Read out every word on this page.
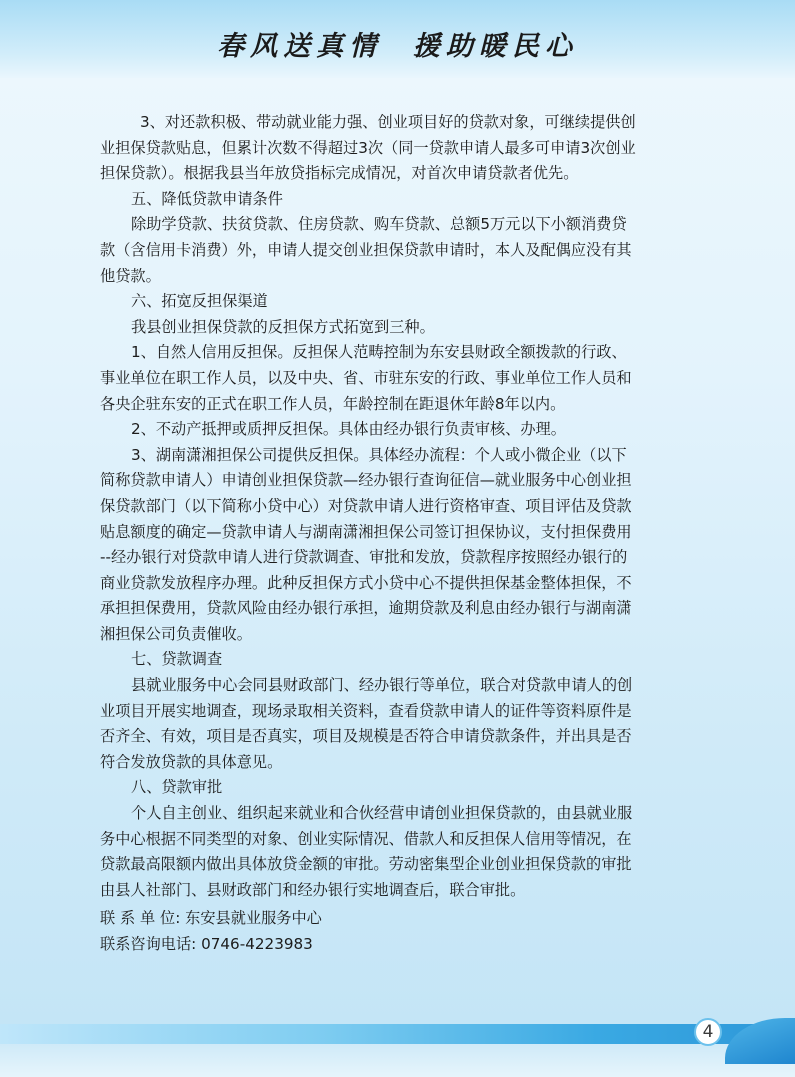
春风送真情  援助暖民心

3、对还款积极、带动就业能力强、创业项目好的贷款对象，可继续提供创
业担保贷款贴息，但累计次数不得超过3次（同一贷款申请人最多可申请3次创业
担保贷款）。根据我县当年放贷指标完成情况，对首次申请贷款者优先。

五、降低贷款申请条件

除助学贷款、扶贫贷款、住房贷款、购车贷款、总额5万元以下小额消费贷
款（含信用卡消费）外，申请人提交创业担保贷款申请时，本人及配偶应没有其
他贷款。

六、拓宽反担保渠道

我县创业担保贷款的反担保方式拓宽到三种。

1、自然人信用反担保。反担保人范畴控制为东安县财政全额拨款的行政、
事业单位在职工作人员，以及中央、省、市驻东安的行政、事业单位工作人员和
各央企驻东安的正式在职工作人员，年龄控制在距退休年龄8年以内。

2、不动产抵押或质押反担保。具体由经办银行负责审核、办理。

3、湖南潇湘担保公司提供反担保。具体经办流程：个人或小微企业（以下
简称贷款申请人）申请创业担保贷款—经办银行查询征信—就业服务中心创业担
保贷款部门（以下简称小贷中心）对贷款申请人进行资格审查、项目评估及贷款
贴息额度的确定—贷款申请人与湖南潇湘担保公司签订担保协议，支付担保费用
--经办银行对贷款申请人进行贷款调查、审批和发放，贷款程序按照经办银行的
商业贷款发放程序办理。此种反担保方式小贷中心不提供担保基金整体担保，不
承担担保费用，贷款风险由经办银行承担，逾期贷款及利息由经办银行与湖南潇
湘担保公司负责催收。

七、贷款调查

县就业服务中心会同县财政部门、经办银行等单位，联合对贷款申请人的创
业项目开展实地调查，现场录取相关资料，查看贷款申请人的证件等资料原件是
否齐全、有效，项目是否真实，项目及规模是否符合申请贷款条件，并出具是否
符合发放贷款的具体意见。

八、贷款审批

个人自主创业、组织起来就业和合伙经营申请创业担保贷款的，由县就业服
务中心根据不同类型的对象、创业实际情况、借款人和反担保人信用等情况，在
贷款最高限额内做出具体放贷金额的审批。劳动密集型企业创业担保贷款的审批
由县人社部门、县财政部门和经办银行实地调查后，联合审批。

联 系 单 位: 东安县就业服务中心
联系咨询电话: 0746-4223983
4
